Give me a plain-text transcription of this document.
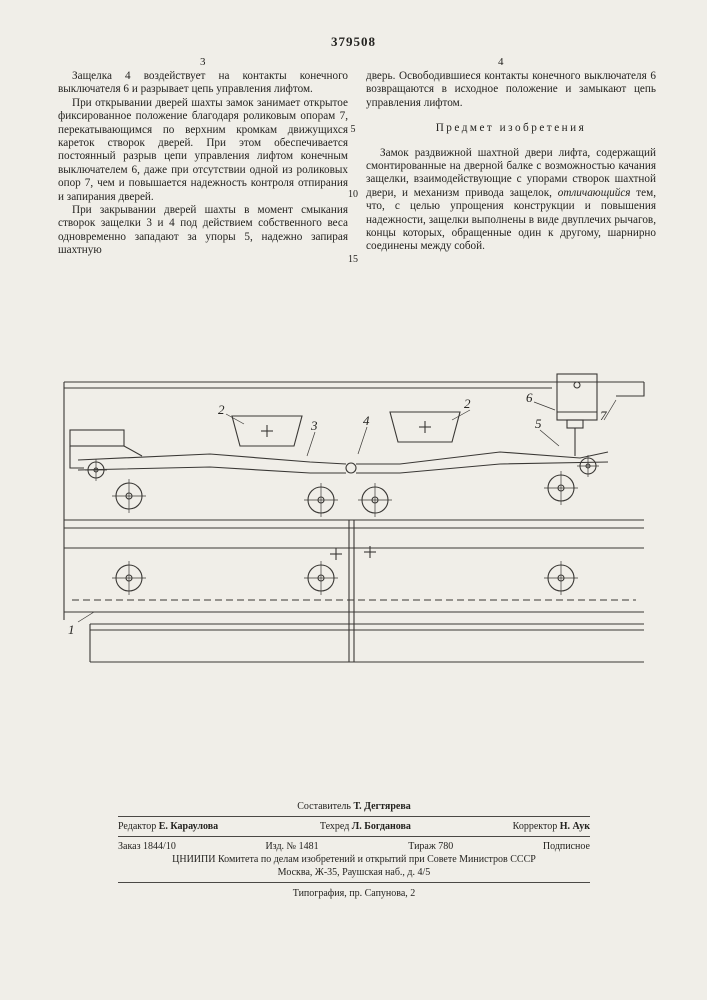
379508
3	4

Защелка 4 воздействует на контакты конечного выключателя 6 и разрывает цепь управления лифтом.

При открывании дверей шахты замок занимает открытое фиксированное положение благодаря роликовым опорам 7, перекатывающимся по верхним кромкам движущихся кареток створок дверей. При этом обеспечивается постоянный разрыв цепи управления лифтом конечным выключателем 6, даже при отсутствии одной из роликовых опор 7, чем и повышается надежность контроля отпирания и запирания дверей.

При закрывании дверей шахты в момент смыкания створок защелки 3 и 4 под действием собственного веса одновременно западают за упоры 5, надежно запирая шахтную

дверь. Освободившиеся контакты конечного выключателя 6 возвращаются в исходное положение и замыкают цепь управления лифтом.

Предмет изобретения

Замок раздвижной шахтной двери лифта, содержащий смонтированные на дверной балке с возможностью качания защелки, взаимодействующие с упорами створок шахтной двери, и механизм привода защелок, отличающийся тем, что, с целью упрощения конструкции и повышения надежности, защелки выполнены в виде двуплечих рычагов, концы которых, обращенные один к другому, шарнирно соединены между собой.

5
10
15
2
3	4
2	6
5
7
1
Составитель Т. Дегтярева
Редактор Е. Караулова	Техред Л. Богданова	Корректор Н. Аук
Заказ 1844/10	Изд. № 1481	Тираж 780	Подписное
ЦНИИПИ Комитета по делам изобретений и открытий при Совете Министров СССР
Москва, Ж-35, Раушская наб., д. 4/5
Типография, пр. Сапунова, 2
